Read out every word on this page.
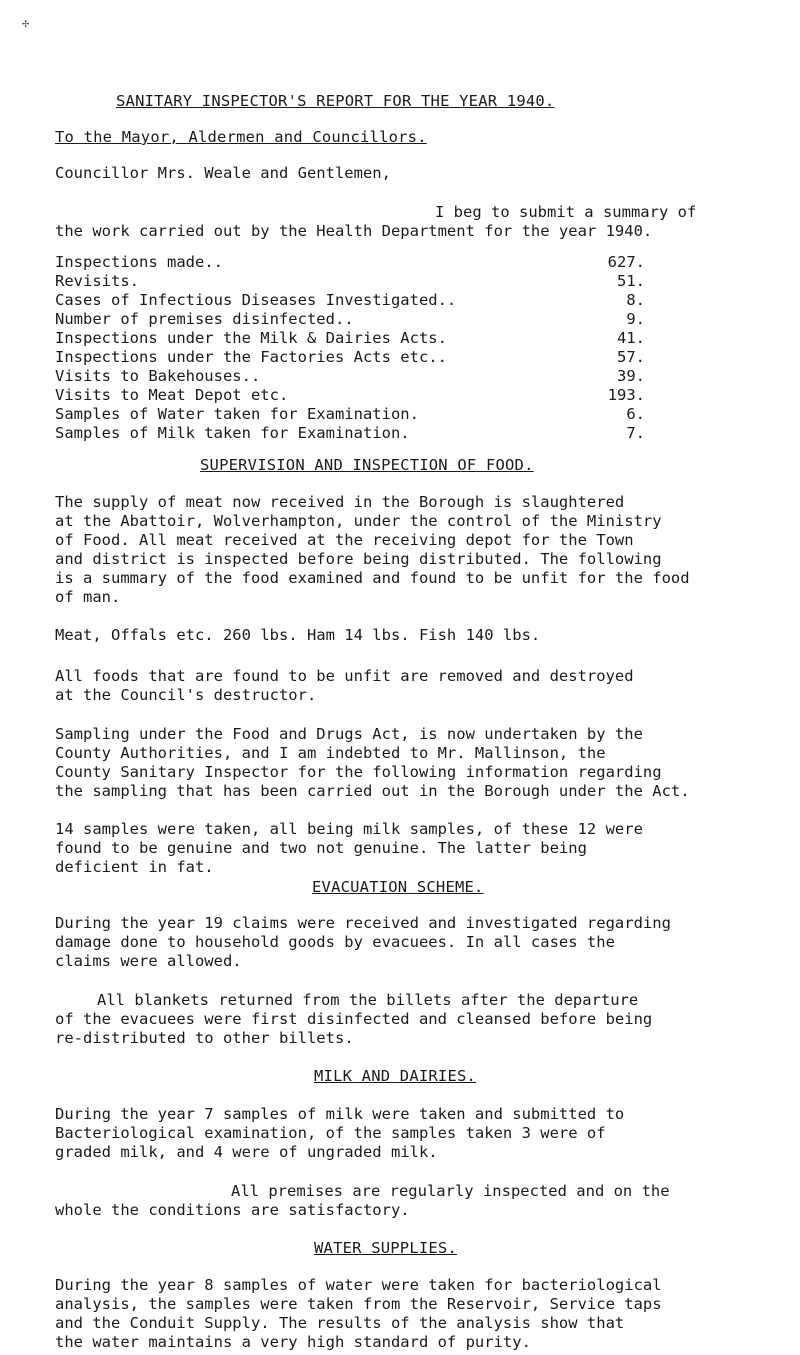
✢
SANITARY INSPECTOR'S REPORT FOR THE YEAR 1940.
To the Mayor, Aldermen and Councillors.
Councillor Mrs. Weale and Gentlemen,

I beg to submit a summary of

the work carried out by the Health Department for the year 1940.

Inspections made..	627.
Revisits.	51.
Cases of Infectious Diseases Investigated..	8.
Number of premises disinfected..	9.
Inspections under the Milk & Dairies Acts.	41.
Inspections under the Factories Acts etc..	57.
Visits to Bakehouses..	39.
Visits to Meat Depot etc.	193.
Samples of Water taken for Examination.	6.
Samples of Milk taken for Examination.	7.
SUPERVISION AND INSPECTION OF FOOD.

The supply of meat now received in the Borough is slaughtered

at the Abattoir, Wolverhampton, under the control of the Ministry

of Food. All meat received at the receiving depot for the Town

and district is inspected before being distributed. The following

is a summary of the food examined and found to be unfit for the food

of man.

Meat, Offals etc. 260 lbs. Ham 14 lbs. Fish 140 lbs.

All foods that are found to be unfit are removed and destroyed

at the Council's destructor.

Sampling under the Food and Drugs Act, is now undertaken by the

County Authorities, and I am indebted to Mr. Mallinson, the

County Sanitary Inspector for the following information regarding

the sampling that has been carried out in the Borough under the Act.

14 samples were taken, all being milk samples, of these 12 were

found to be genuine and two not genuine. The latter being

deficient in fat.

EVACUATION SCHEME.

During the year 19 claims were received and investigated regarding

damage done to household goods by evacuees. In all cases the

claims were allowed.

All blankets returned from the billets after the departure

of the evacuees were first disinfected and cleansed before being

re-distributed to other billets.

MILK AND DAIRIES.

During the year 7 samples of milk were taken and submitted to

Bacteriological examination, of the samples taken 3 were of

graded milk, and 4 were of ungraded milk.

All premises are regularly inspected and on the

whole the conditions are satisfactory.

WATER SUPPLIES.

During the year 8 samples of water were taken for bacteriological

analysis, the samples were taken from the Reservoir, Service taps

and the Conduit Supply. The results of the analysis show that

the water maintains a very high standard of purity.
